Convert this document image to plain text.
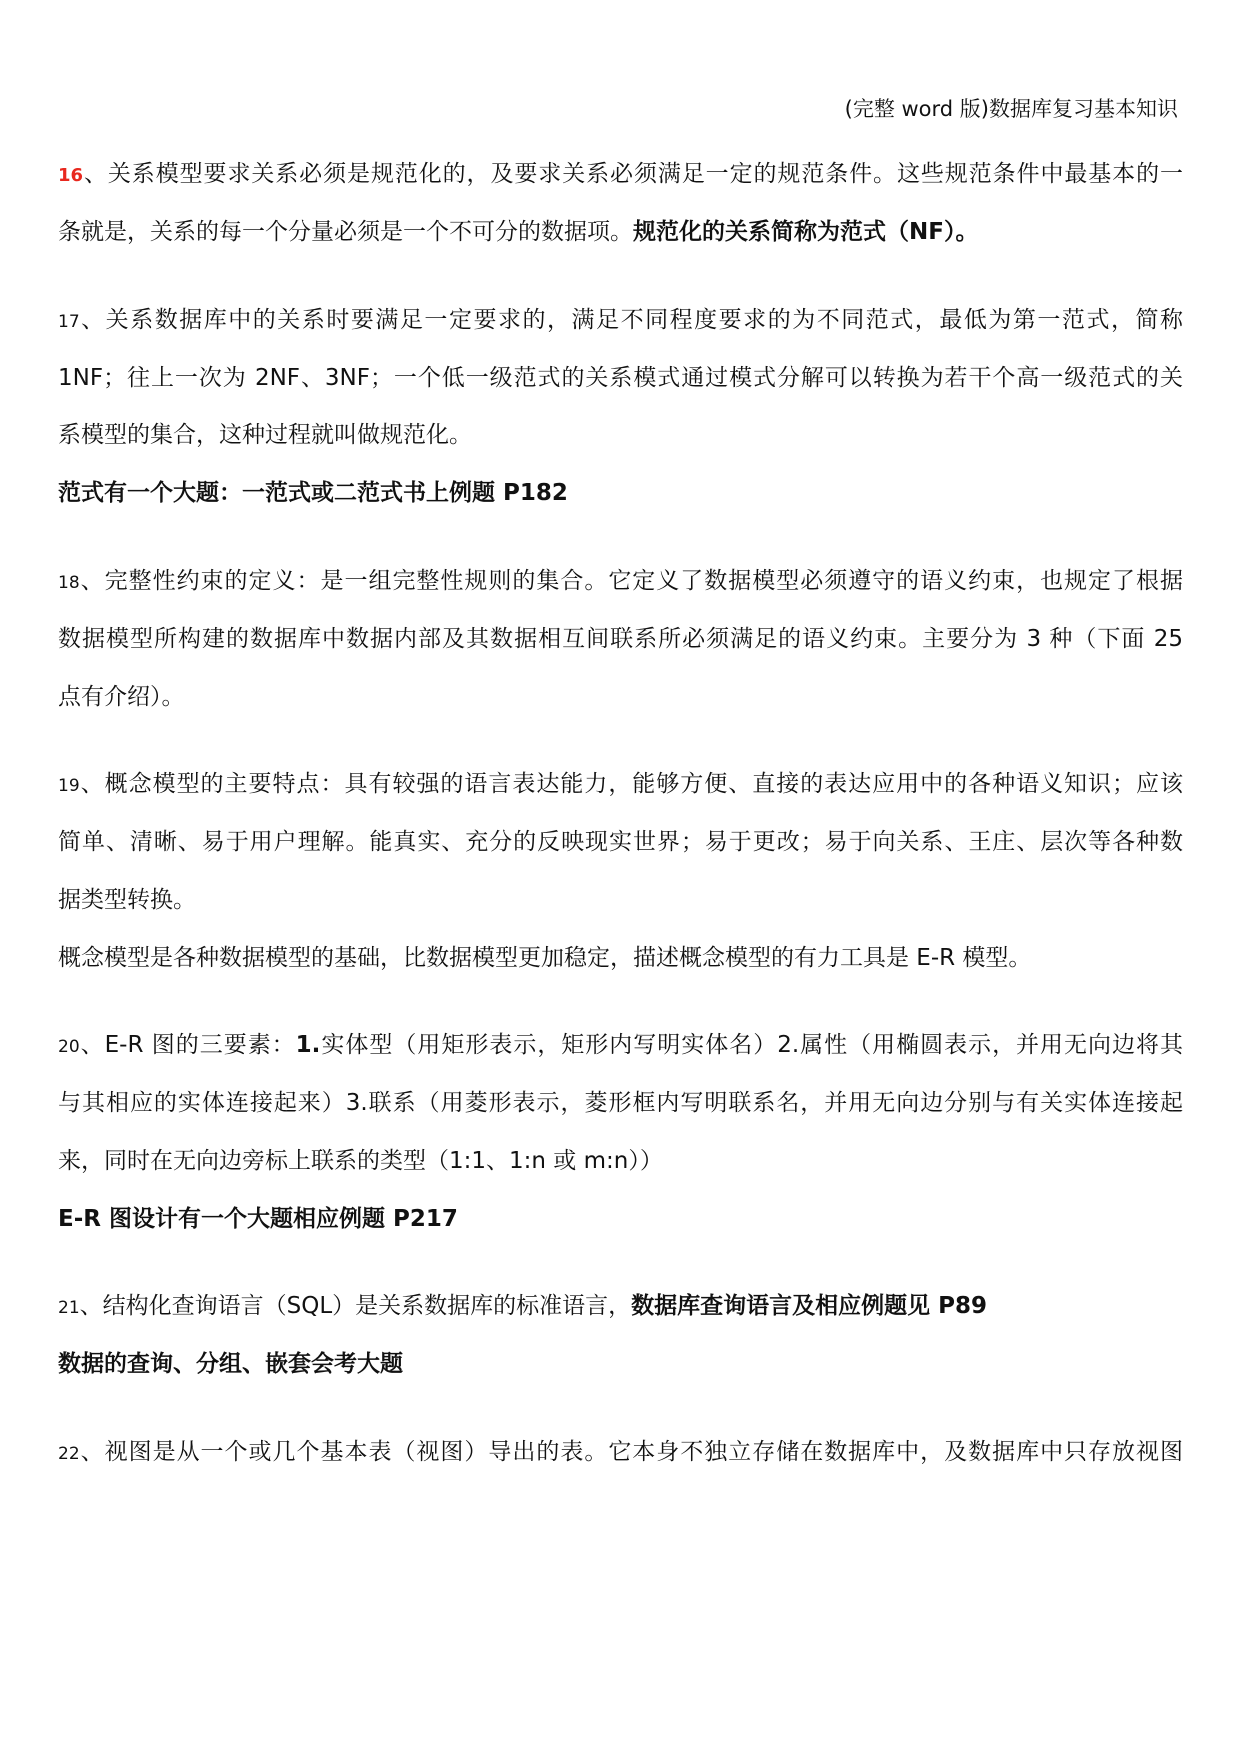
(完整 word 版)数据库复习基本知识
16、关系模型要求关系必须是规范化的，及要求关系必须满足一定的规范条件。这些规范条件中最基本的一
条就是，关系的每一个分量必须是一个不可分的数据项。规范化的关系简称为范式（NF）。
17、关系数据库中的关系时要满足一定要求的，满足不同程度要求的为不同范式，最低为第一范式，简称
1NF；往上一次为 2NF、3NF；一个低一级范式的关系模式通过模式分解可以转换为若干个高一级范式的关
系模型的集合，这种过程就叫做规范化。
范式有一个大题：一范式或二范式书上例题 P182
18、完整性约束的定义：是一组完整性规则的集合。它定义了数据模型必须遵守的语义约束，也规定了根据
数据模型所构建的数据库中数据内部及其数据相互间联系所必须满足的语义约束。主要分为 3 种（下面 25
点有介绍）。
19、概念模型的主要特点：具有较强的语言表达能力，能够方便、直接的表达应用中的各种语义知识；应该
简单、清晰、易于用户理解。能真实、充分的反映现实世界；易于更改；易于向关系、王庄、层次等各种数
据类型转换。
概念模型是各种数据模型的基础，比数据模型更加稳定，描述概念模型的有力工具是 E-R 模型。
20、E-R 图的三要素：1.实体型（用矩形表示，矩形内写明实体名）2.属性（用椭圆表示，并用无向边将其
与其相应的实体连接起来）3.联系（用菱形表示，菱形框内写明联系名，并用无向边分别与有关实体连接起
来，同时在无向边旁标上联系的类型（1:1、1:n 或 m:n））
E-R 图设计有一个大题相应例题 P217
21、结构化查询语言（SQL）是关系数据库的标准语言，数据库查询语言及相应例题见 P89
数据的查询、分组、嵌套会考大题
22、视图是从一个或几个基本表（视图）导出的表。它本身不独立存储在数据库中，及数据库中只存放视图
